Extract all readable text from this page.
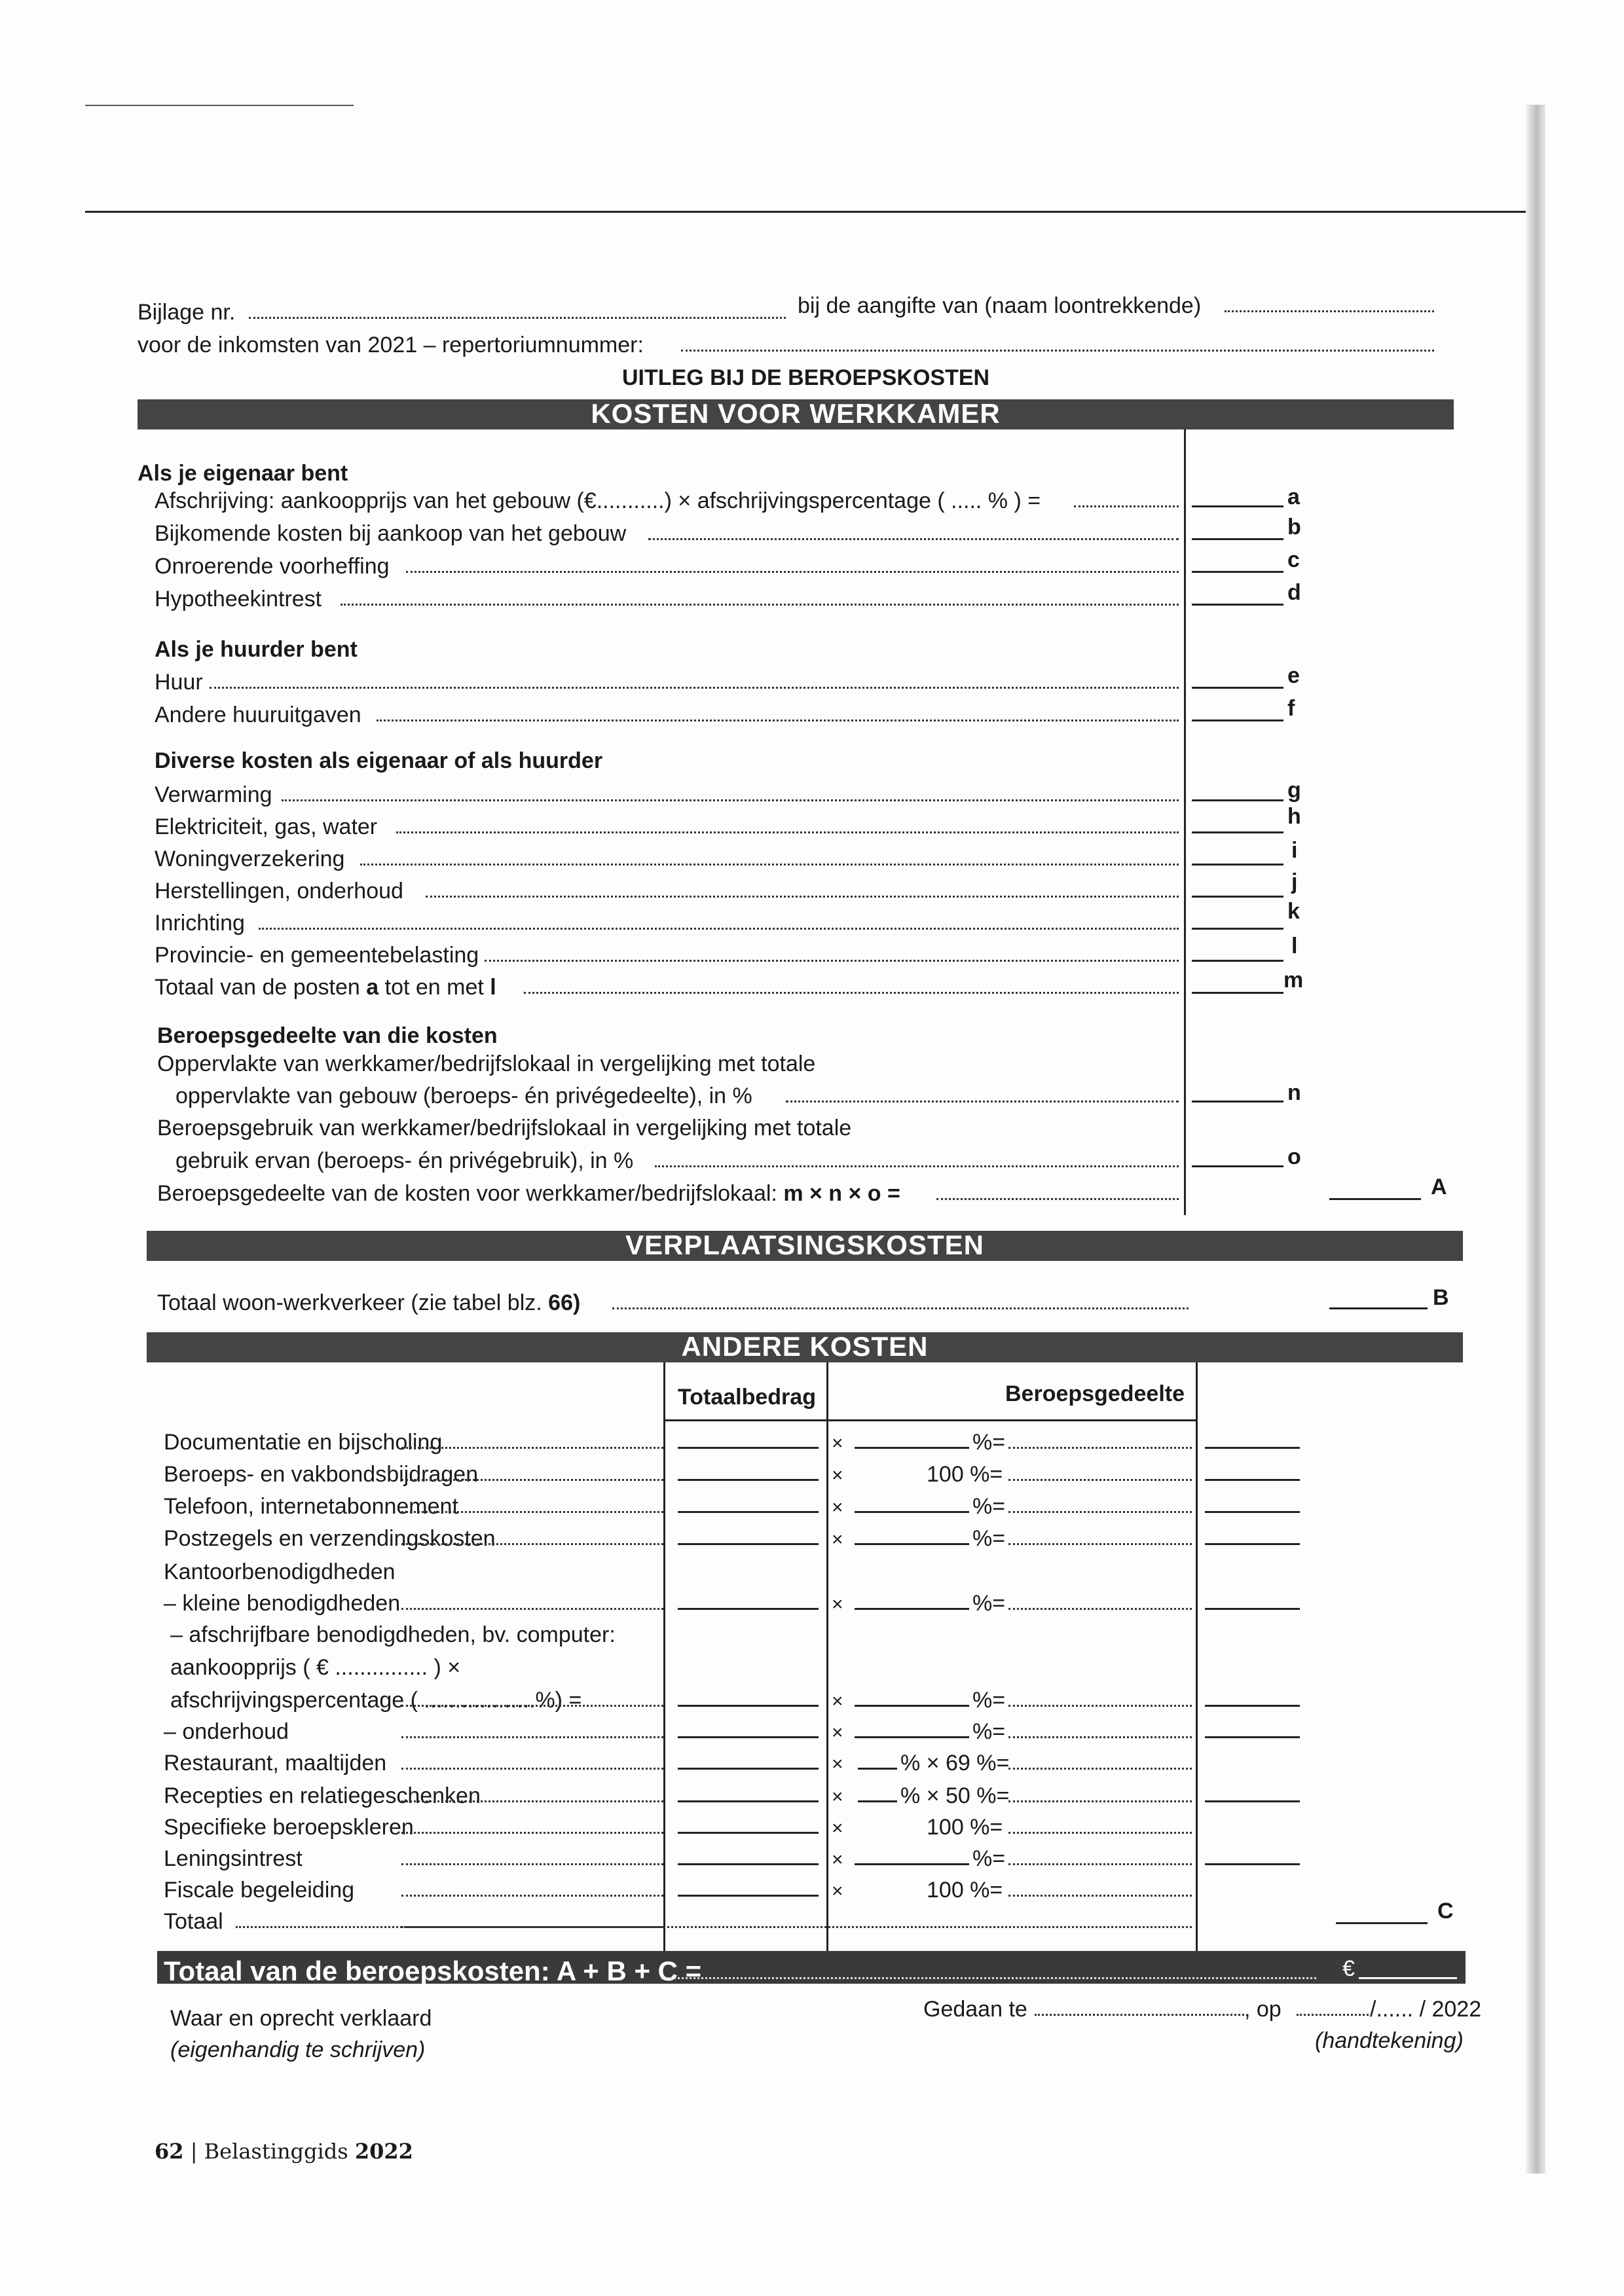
Bijlage nr.	bij de aangifte van (naam loontrekkende)
voor de inkomsten van 2021 – repertoriumnummer:
UITLEG BIJ DE BEROEPSKOSTEN
KOSTEN VOOR WERKKAMER
Als je eigenaar bent
Afschrijving: aankoopprijs van het gebouw (€...........) × afschrijvingspercentage ( ..... % ) =	a
Bijkomende kosten bij aankoop van het gebouw	b
Onroerende voorheffing	c
Hypotheekintrest	d
Als je huurder bent
Huur	e
Andere huuruitgaven	f
Diverse kosten als eigenaar of als huurder
Verwarming	g
Elektriciteit, gas, water	h
Woningverzekering	i
Herstellingen, onderhoud	j
Inrichting	k
Provincie- en gemeentebelasting	l
Totaal van de posten a tot en met l	m
Beroepsgedeelte van die kosten
Oppervlakte van werkkamer/bedrijfslokaal in vergelijking met totale
oppervlakte van gebouw (beroeps- én privégedeelte), in %	n
Beroepsgebruik van werkkamer/bedrijfslokaal in vergelijking met totale
gebruik ervan (beroeps- én privégebruik), in %	o
Beroepsgedeelte van de kosten voor werkkamer/bedrijfslokaal: m × n × o =	A
VERPLAATSINGSKOSTEN
Totaal woon-werkverkeer (zie tabel blz. 66)	B
ANDERE KOSTEN
Totaalbedrag	Beroepsgedeelte
Documentatie en bijscholing	×	%=
Beroeps- en vakbondsbijdragen	×	100 %=
Telefoon, internetabonnement	×	%=
Postzegels en verzendingskosten	×	%=
Kantoorbenodigdheden
– kleine benodigdheden	×	%=
– afschrijfbare benodigdheden, bv. computer:
aankoopprijs ( € ............... ) ×
afschrijvingspercentage ( ..................%) =	×	%=
– onderhoud	×	%=
Restaurant, maaltijden	×	% × 69 %=
Recepties en relatiegeschenken	×	% × 50 %=
Specifieke beroepskleren	×	100 %=
Leningsintrest	×	%=
Fiscale begeleiding	×	100 %=
Totaal	C
Totaal van de beroepskosten: A + B + C =	€
Waar en oprecht verklaard
(eigenhandig te schrijven)
Gedaan te	, op	/...... / 2022
(handtekening)
62 | Belastinggids 2022
